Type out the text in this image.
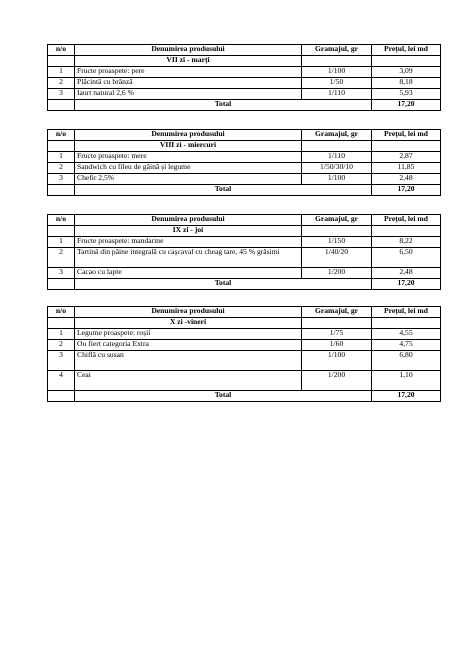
n/o	Denumirea produsului	Gramajul, gr	Prețul, lei md
	VII zi - marți		
1	Fructe proaspete: pere	1/100	3,09
2	Plăcintă cu brânză	1/50	8,18
3	Iaurt natural 2,6 %	1/110	5,93
	Total		17,20
n/o	Denumirea produsului	Gramajul, gr	Prețul, lei md
	VIII zi - miercuri		
1	Fructe proaspete: mere	1/110	2,87
2	Sandwich cu fileu de găină și legume	1/50/30/10	11,85
3	Chefir 2,5%	1/100	2,48
	Total		17,20
n/o	Denumirea produsului	Gramajul, gr	Prețul, lei md
	IX zi - joi		
1	Fructe proaspete: mandarine	1/150	8,22
2	Tartină din pâine integrală cu cașcaval cu cheag tare, 45 % grăsimi	1/40/20	6,50
3	Cacao cu lapte	1/200	2,48
	Total		17,20
n/o	Denumirea produsului	Gramajul, gr	Prețul, lei md
	X zi -vineri		
1	Legume proaspete: roșii	1/75	4,55
2	Ou fiert categoria Extra	1/60	4,75
3	Chiflă cu susan	1/100	6,80
4	Ceai	1/200	1,10
	Total		17,20
